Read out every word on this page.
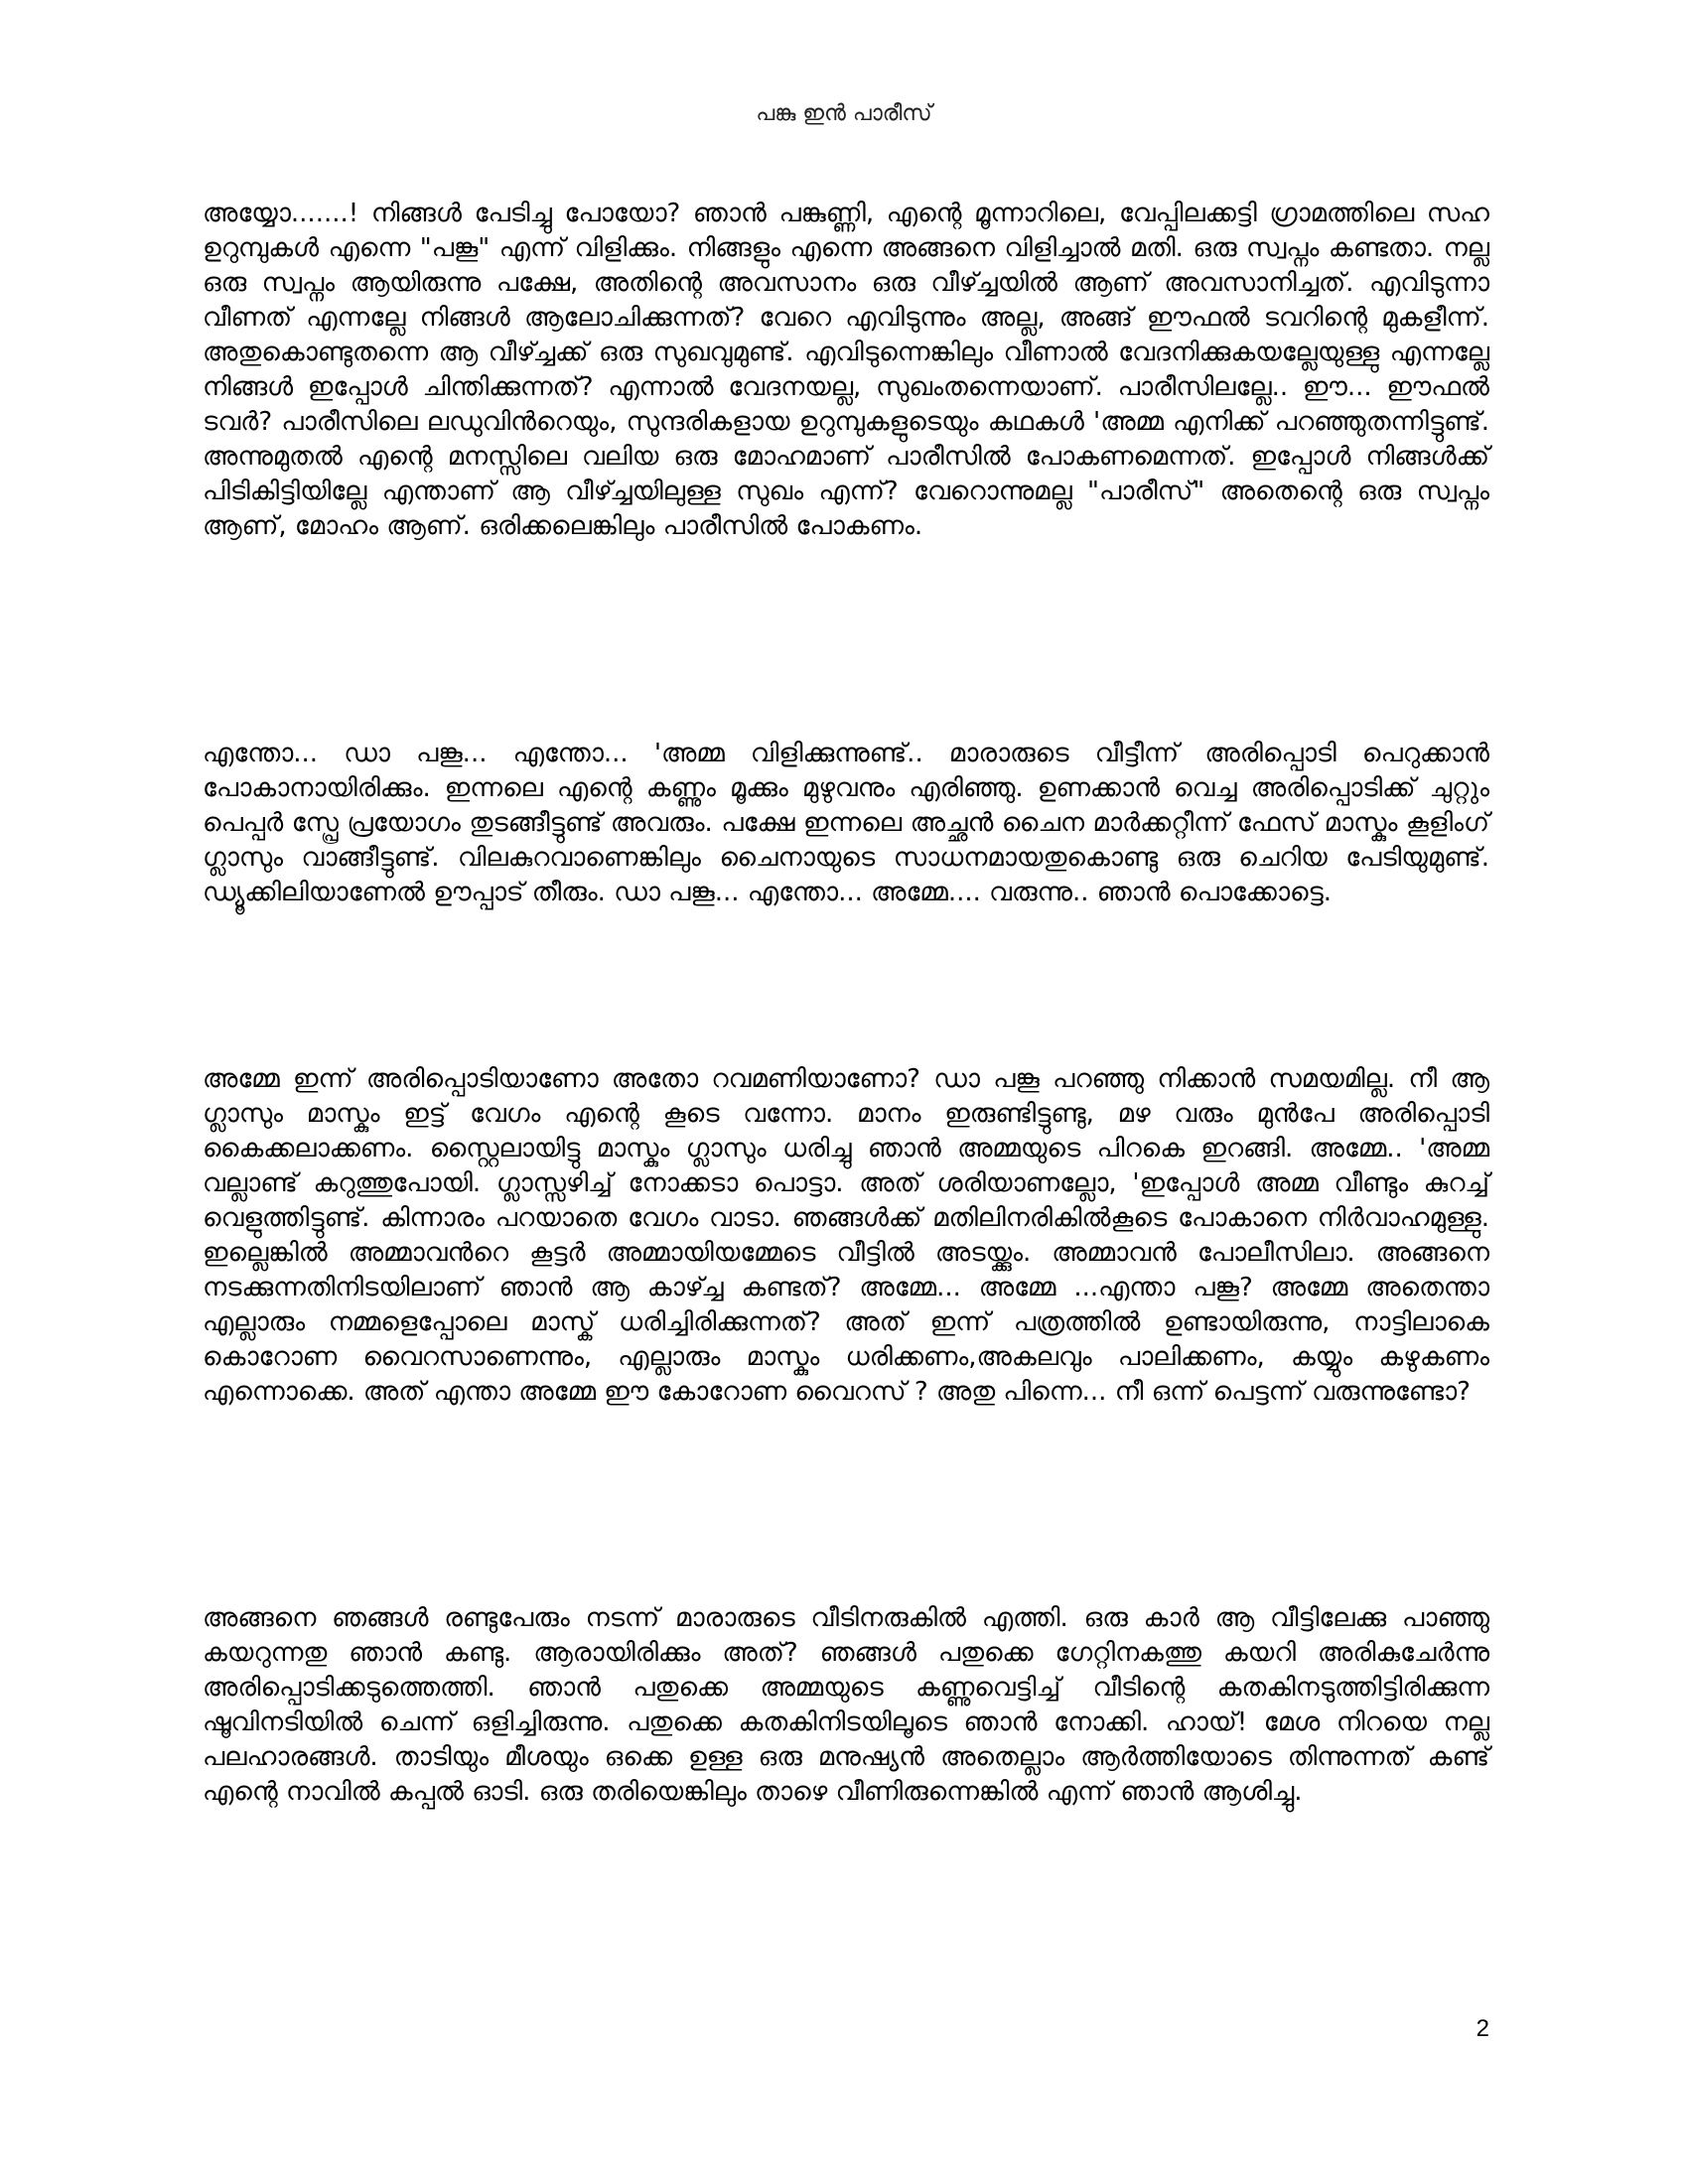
പങ്കു ഇൻ പാരീസ്

അയ്യോ.......! നിങ്ങൾ പേടിച്ചു പോയോ? ഞാൻ പങ്കുണ്ണി, എന്റെ മൂന്നാറിലെ, വേപ്പിലക്കട്ടി ഗ്രാമത്തിലെ സഹ ഉറുമ്പുകൾ എന്നെ "പങ്കൂ" എന്ന് വിളിക്കും. നിങ്ങളും എന്നെ അങ്ങനെ വിളിച്ചാൽ മതി. ഒരു സ്വപ്നം കണ്ടതാ. നല്ല ഒരു സ്വപ്നം ആയിരുന്നു പക്ഷേ, അതിന്റെ അവസാനം ഒരു വീഴ്ച്ചയിൽ ആണ് അവസാനിച്ചത്. എവിടുന്നാ വീണത് എന്നല്ലേ നിങ്ങൾ ആലോചിക്കുന്നത്? വേറെ എവിടുന്നും അല്ല, അങ്ങ് ഈഫൽ ടവറിന്റെ മുകളീന്ന്. അതുകൊണ്ടുതന്നെ ആ വീഴ്ച്ചക്ക് ഒരു സുഖവുമുണ്ട്. എവിടുന്നെങ്കിലും വീണാൽ വേദനിക്കുകയല്ലേയുള്ളു എന്നല്ലേ നിങ്ങൾ ഇപ്പോൾ ചിന്തിക്കുന്നത്? എന്നാൽ വേദനയല്ല, സുഖംതന്നെയാണ്. പാരീസിലല്ലേ.. ഈ... ഈഫൽ ടവർ? പാരീസിലെ ലഡുവിൻറെയും, സുന്ദരികളായ ഉറുമ്പുകളുടെയും കഥകൾ 'അമ്മ എനിക്ക് പറഞ്ഞുതന്നിട്ടുണ്ട്. അന്നുമുതൽ എന്റെ മനസ്സിലെ വലിയ ഒരു മോഹമാണ് പാരീസിൽ പോകണമെന്നത്. ഇപ്പോൾ നിങ്ങൾക്ക് പിടികിട്ടിയില്ലേ എന്താണ് ആ വീഴ്ച്ചയിലുള്ള സുഖം എന്ന്? വേറൊന്നുമല്ല "പാരീസ്" അതെന്റെ ഒരു സ്വപ്നം ആണ്, മോഹം ആണ്. ഒരിക്കലെങ്കിലും പാരീസിൽ പോകണം.

എന്തോ... ഡാ പങ്കൂ... എന്തോ... 'അമ്മ വിളിക്കുന്നുണ്ട്.. മാരാരുടെ വീട്ടീന്ന് അരിപ്പൊടി പെറുക്കാൻ പോകാനായിരിക്കും. ഇന്നലെ എന്റെ കണ്ണും മൂക്കും മുഴുവനും എരിഞ്ഞു. ഉണക്കാൻ വെച്ച അരിപ്പൊടിക്ക് ചുറ്റും പെപ്പർ സ്പ്രേ പ്രയോഗം തുടങ്ങീട്ടുണ്ട് അവരും. പക്ഷേ ഇന്നലെ അച്ഛൻ ചൈന മാർക്കറ്റീന്ന് ഫേസ് മാസ്കും കൂളിംഗ് ഗ്ലാസും വാങ്ങീട്ടുണ്ട്. വിലകുറവാണെങ്കിലും ചൈനായുടെ സാധനമായതുകൊണ്ടു ഒരു ചെറിയ പേടിയുമുണ്ട്. ഡ്യൂക്കിലിയാണേൽ ഊപ്പാട് തീരും. ഡാ പങ്കൂ... എന്തോ... അമ്മേ.... വരുന്നു.. ഞാൻ പൊക്കോട്ടെ.

അമ്മേ ഇന്ന് അരിപ്പൊടിയാണോ അതോ റവമണിയാണോ? ഡാ പങ്കൂ പറഞ്ഞു നിക്കാൻ സമയമില്ല. നീ ആ ഗ്ലാസും മാസ്കും ഇട്ട് വേഗം എന്റെ കൂടെ വന്നോ. മാനം ഇരുണ്ടിട്ടുണ്ടു, മഴ വരും മുൻപേ അരിപ്പൊടി കൈക്കലാക്കണം. സ്റ്റൈലായിട്ടു മാസ്കും ഗ്ലാസും ധരിച്ചു ഞാൻ അമ്മയുടെ പിറകെ ഇറങ്ങി. അമ്മേ.. 'അമ്മ വല്ലാണ്ട് കറുത്തുപോയി. ഗ്ലാസ്സഴിച്ച് നോക്കടാ പൊട്ടാ. അത് ശരിയാണല്ലോ, 'ഇപ്പോൾ അമ്മ വീണ്ടും കുറച്ച് വെളുത്തിട്ടുണ്ട്. കിന്നാരം പറയാതെ വേഗം വാടാ. ഞങ്ങൾക്ക് മതിലിനരികിൽകൂടെ പോകാനെ നിർവാഹമുള്ളു. ഇല്ലെങ്കിൽ അമ്മാവൻറെ കൂട്ടർ അമ്മായിയമ്മേടെ വീട്ടിൽ അടയ്ക്കും. അമ്മാവൻ പോലീസിലാ. അങ്ങനെ നടക്കുന്നതിനിടയിലാണ് ഞാൻ ആ കാഴ്ച്ച കണ്ടത്? അമ്മേ... അമ്മേ ...എന്താ പങ്കൂ? അമ്മേ അതെന്താ എല്ലാരും നമ്മളെപ്പോലെ മാസ്ക് ധരിച്ചിരിക്കുന്നത്? അത് ഇന്ന് പത്രത്തിൽ ഉണ്ടായിരുന്നു, നാട്ടിലാകെ കൊറോണ വൈറസാണെന്നും, എല്ലാരും മാസ്കും ധരിക്കണം,അകലവും പാലിക്കണം, കയ്യും കഴുകണം എന്നൊക്കെ. അത് എന്താ അമ്മേ ഈ കോറോണ വൈറസ് ? അതു പിന്നെ... നീ ഒന്ന് പെട്ടന്ന് വരുന്നുണ്ടോ?

അങ്ങനെ ഞങ്ങൾ രണ്ടുപേരും നടന്ന് മാരാരുടെ വീടിനരുകിൽ എത്തി. ഒരു കാർ ആ വീട്ടിലേക്കു പാഞ്ഞു കയറുന്നതു ഞാൻ കണ്ടു. ആരായിരിക്കും അത്? ഞങ്ങൾ പതുക്കെ ഗേറ്റിനകത്തു കയറി അരികുചേർന്നു അരിപ്പൊടിക്കടുത്തെത്തി. ഞാൻ പതുക്കെ അമ്മയുടെ കണ്ണുവെട്ടിച്ച് വീടിന്റെ കതകിനടുത്തിട്ടിരിക്കുന്ന ഷൂവിനടിയിൽ ചെന്ന് ഒളിച്ചിരുന്നു. പതുക്കെ കതകിനിടയിലൂടെ ഞാൻ നോക്കി. ഹായ്! മേശ നിറയെ നല്ല പലഹാരങ്ങൾ. താടിയും മീശയും ഒക്കെ ഉള്ള ഒരു മനുഷ്യൻ അതെല്ലാം ആർത്തിയോടെ തിന്നുന്നത് കണ്ട് എന്റെ നാവിൽ കപ്പൽ ഓടി. ഒരു തരിയെങ്കിലും താഴെ വീണിരുന്നെങ്കിൽ എന്ന് ഞാൻ ആശിച്ചു.

2
